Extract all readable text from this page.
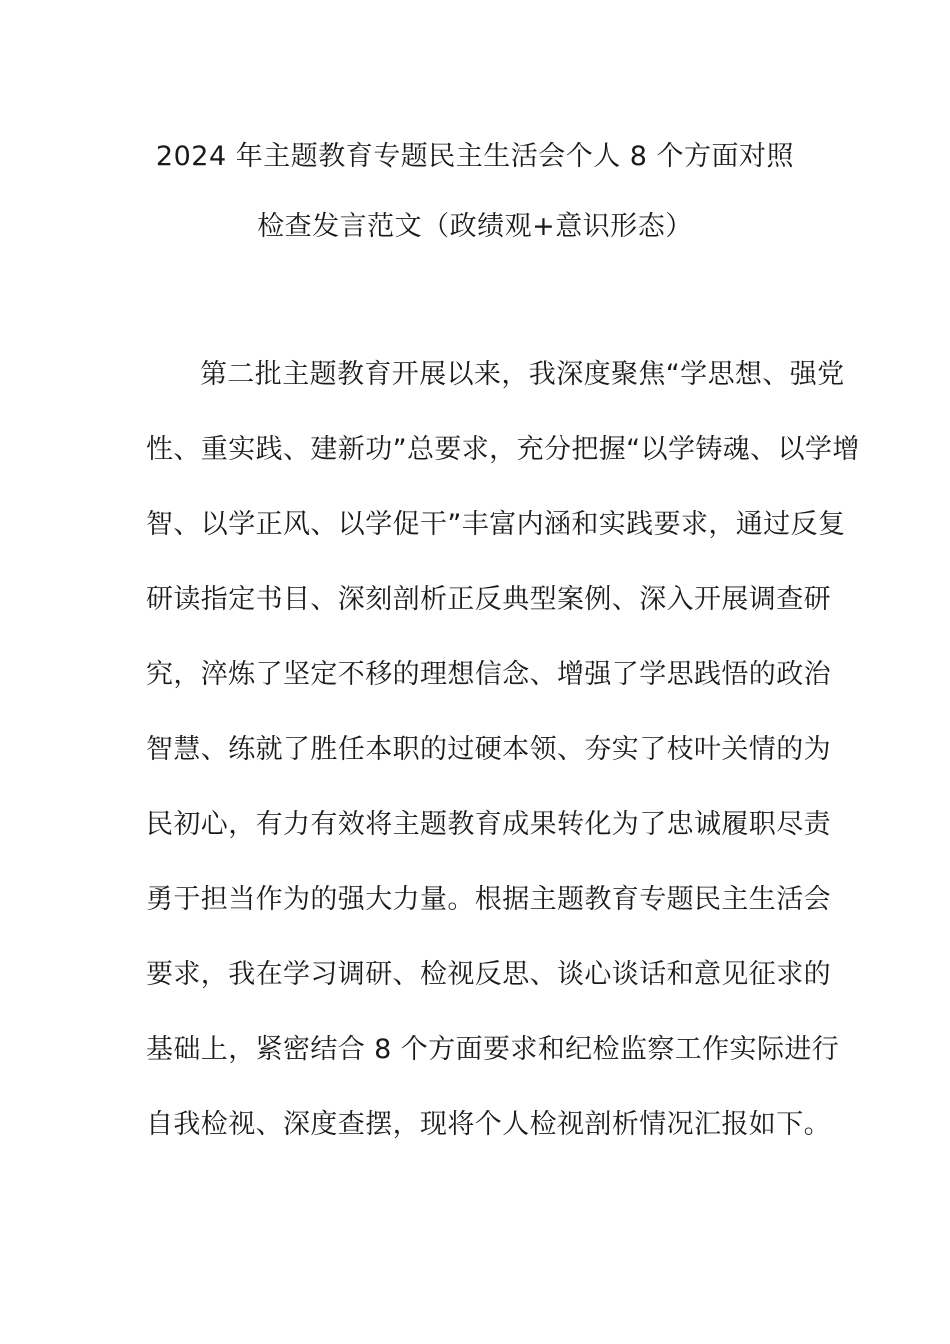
2024 年主题教育专题民主生活会个人 8 个方面对照
检查发言范文（政绩观+意识形态）
第二批主题教育开展以来，我深度聚焦“学思想、强党
性、重实践、建新功”总要求，充分把握“以学铸魂、以学增
智、以学正风、以学促干”丰富内涵和实践要求，通过反复
研读指定书目、深刻剖析正反典型案例、深入开展调查研
究，淬炼了坚定不移的理想信念、增强了学思践悟的政治
智慧、练就了胜任本职的过硬本领、夯实了枝叶关情的为
民初心，有力有效将主题教育成果转化为了忠诚履职尽责
勇于担当作为的强大力量。根据主题教育专题民主生活会
要求，我在学习调研、检视反思、谈心谈话和意见征求的
基础上，紧密结合 8 个方面要求和纪检监察工作实际进行
自我检视、深度查摆，现将个人检视剖析情况汇报如下。
